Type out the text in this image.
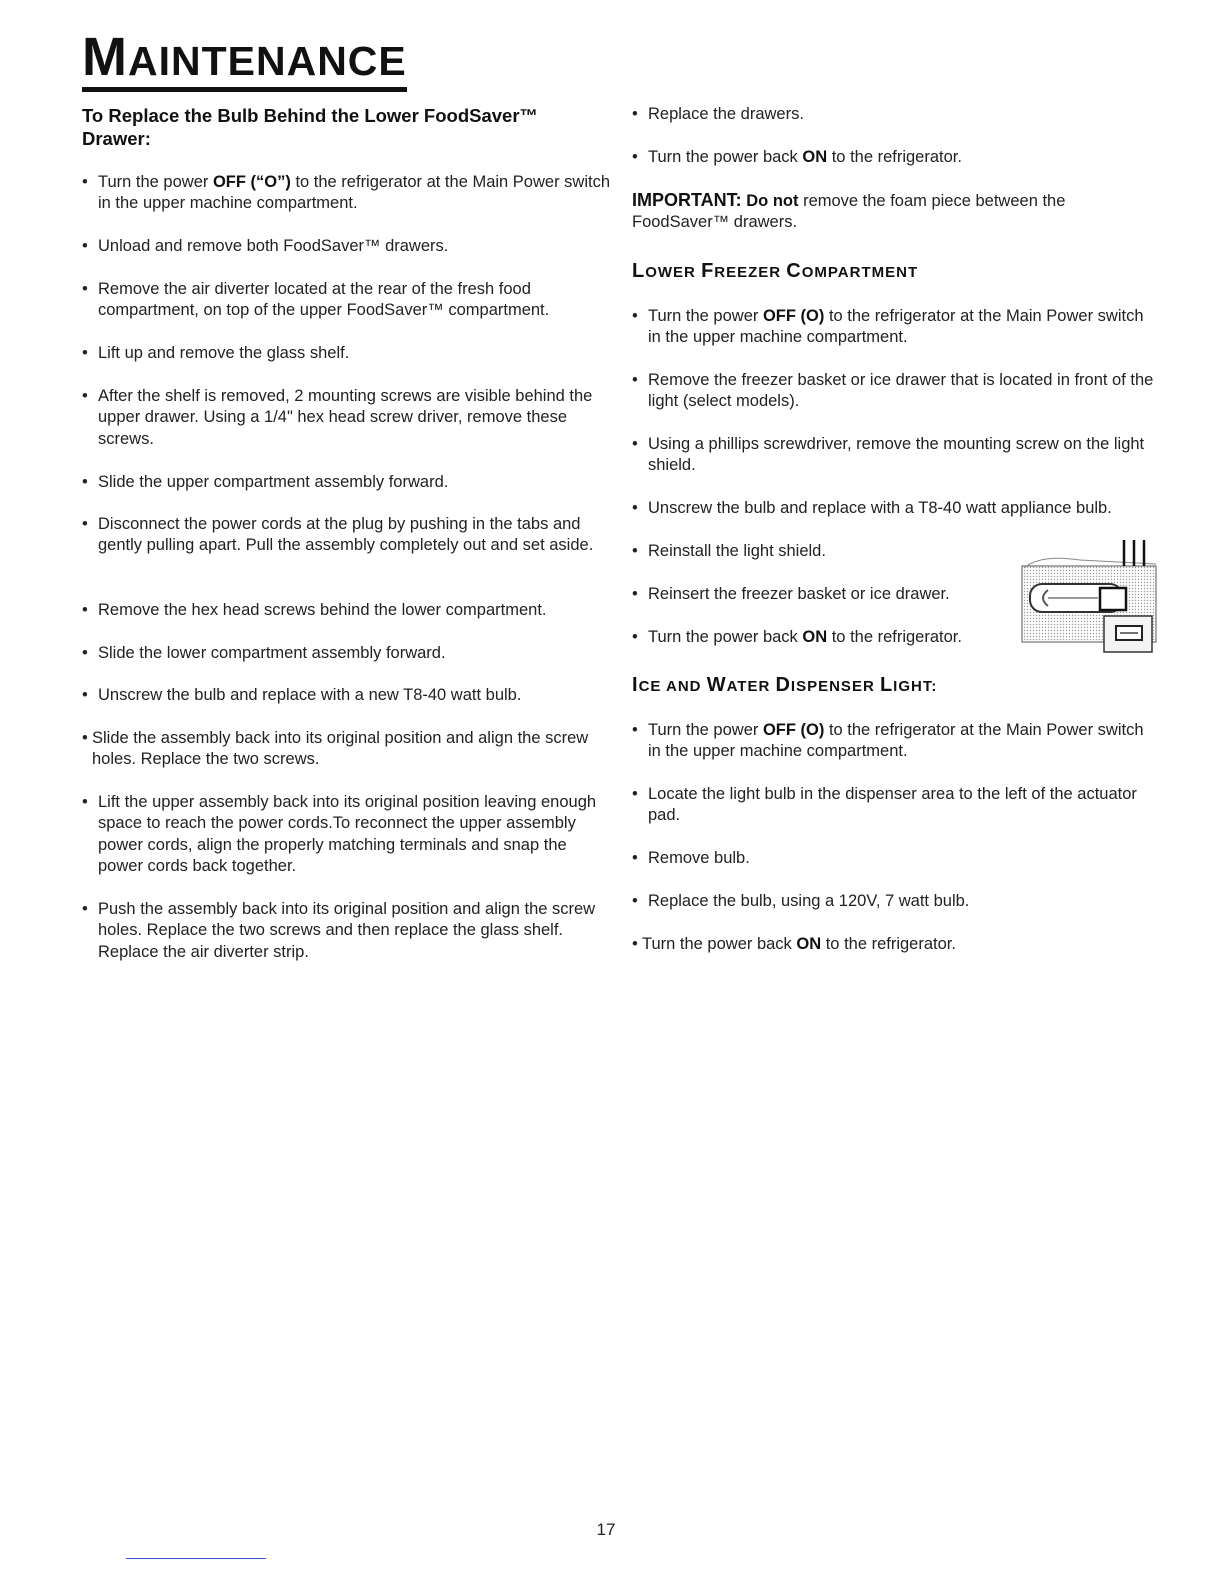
MAINTENANCE
To Replace the Bulb Behind the Lower FoodSaver™ Drawer:
• Turn the power OFF (“O”) to the refrigerator at the Main Power switch in the upper machine compartment.
• Unload and remove both FoodSaver™ drawers.
• Remove the air diverter located at the rear of the fresh food compartment, on top of the upper FoodSaver™ compartment.
• Lift up and remove the glass shelf.
• After the shelf is removed, 2 mounting screws are visible behind the upper drawer. Using a 1/4" hex head screw driver, remove these screws.
• Slide the upper compartment assembly forward.
• Disconnect the power cords at the plug by pushing in the tabs and gently pulling apart. Pull the assembly completely out and set aside.
• Remove the hex head screws behind the lower compartment.
• Slide the lower compartment assembly forward.
• Unscrew the bulb and replace with a new T8-40 watt bulb.
• Slide the assembly back into its original position and align the screw holes. Replace the two screws.
• Lift the upper assembly back into its original position leaving enough space to reach the power cords.To reconnect the upper assembly power cords, align the properly matching terminals and snap the power cords back together.
• Push the assembly back into its original position and align the screw holes. Replace the two screws and then replace the glass shelf. Replace the air diverter strip.
• Replace the drawers.
• Turn the power back ON to the refrigerator.
IMPORTANT: Do not remove the foam piece between the FoodSaver™ drawers.
LOWER FREEZER COMPARTMENT
• Turn the power OFF (O) to the refrigerator at the Main Power switch in the upper machine compartment.
• Remove the freezer basket or ice drawer that is located in front of the light (select models).
• Using a phillips screwdriver, remove the mounting screw on the light shield.
• Unscrew the bulb and replace with a T8-40 watt appliance bulb.
• Reinstall the light shield.
• Reinsert the freezer basket or ice drawer.
• Turn the power back ON to the refrigerator.
ICE AND WATER DISPENSER LIGHT:
• Turn the power OFF (O) to the refrigerator at the Main Power switch in the upper machine compartment.
• Locate the light bulb in the dispenser area to the left of the actuator pad.
• Remove bulb.
• Replace the bulb, using a 120V, 7 watt bulb.
• Turn the power back ON to the refrigerator.
17
